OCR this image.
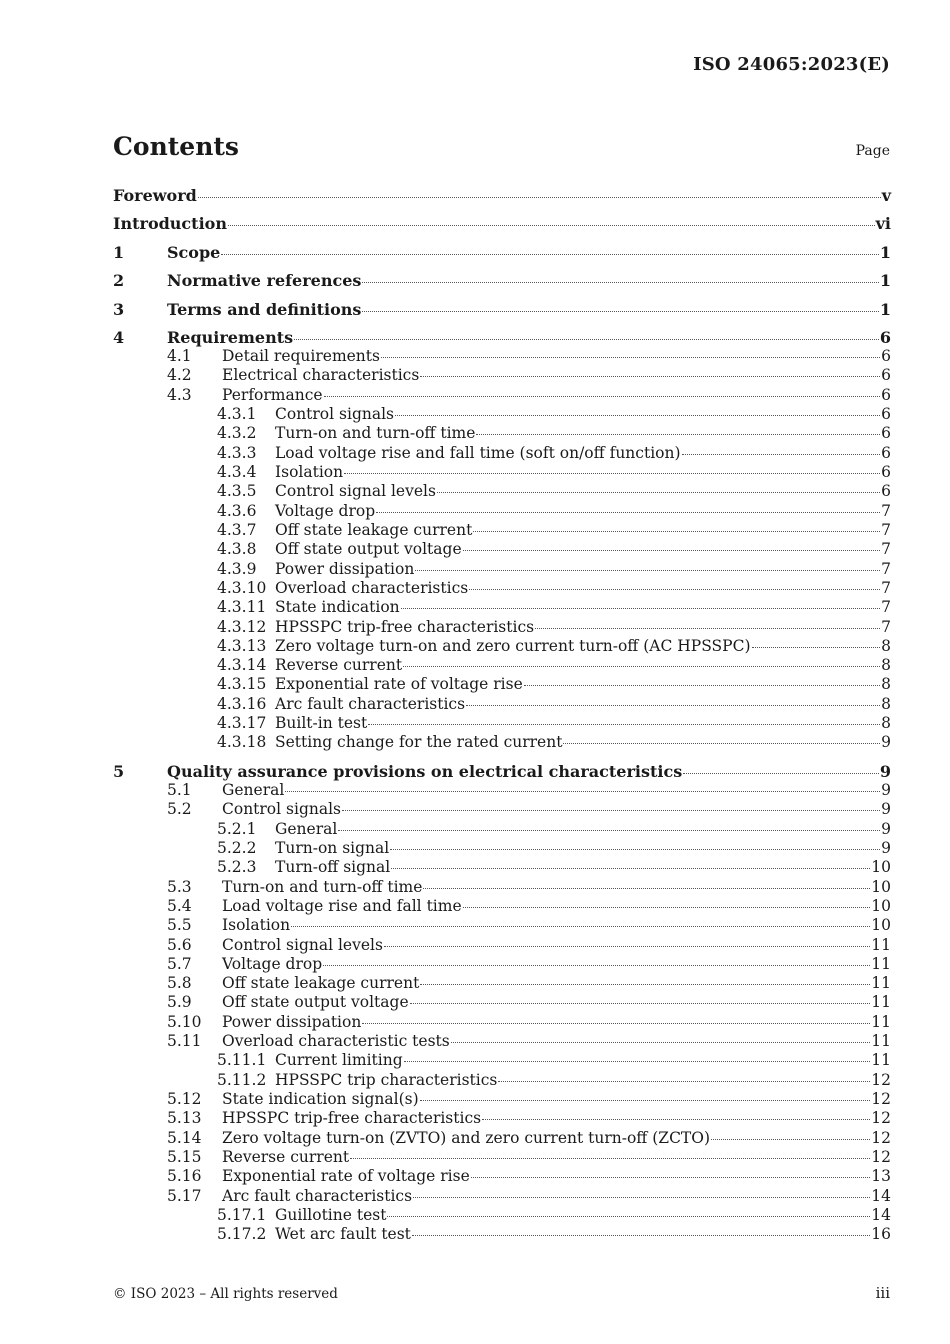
ISO 24065:2023(E)
Contents	Page
Foreword	v
Introduction	vi
1	Scope	1
2	Normative references	1
3	Terms and definitions	1
4	Requirements	6
4.1	Detail requirements	6
4.2	Electrical characteristics	6
4.3	Performance	6
4.3.1	Control signals	6
4.3.2	Turn-on and turn-off time	6
4.3.3	Load voltage rise and fall time (soft on/off function)	6
4.3.4	Isolation	6
4.3.5	Control signal levels	6
4.3.6	Voltage drop	7
4.3.7	Off state leakage current	7
4.3.8	Off state output voltage	7
4.3.9	Power dissipation	7
4.3.10 Overload characteristics	7
4.3.11 State indication	7
4.3.12 HPSSPC trip-free characteristics	7
4.3.13 Zero voltage turn-on and zero current turn-off (AC HPSSPC)	8
4.3.14 Reverse current	8
4.3.15 Exponential rate of voltage rise	8
4.3.16 Arc fault characteristics	8
4.3.17 Built-in test	8
4.3.18 Setting change for the rated current	9
5	Quality assurance provisions on electrical characteristics	9
5.1	General	9
5.2	Control signals	9
5.2.1	General	9
5.2.2	Turn-on signal	9
5.2.3	Turn-off signal	10
5.3	Turn-on and turn-off time	10
5.4	Load voltage rise and fall time	10
5.5	Isolation	10
5.6	Control signal levels	11
5.7	Voltage drop	11
5.8	Off state leakage current	11
5.9	Off state output voltage	11
5.10	Power dissipation	11
5.11	Overload characteristic tests	11
5.11.1 Current limiting	11
5.11.2 HPSSPC trip characteristics	12
5.12	State indication signal(s)	12
5.13	HPSSPC trip-free characteristics	12
5.14	Zero voltage turn-on (ZVTO) and zero current turn-off (ZCTO)	12
5.15	Reverse current	12
5.16	Exponential rate of voltage rise	13
5.17	Arc fault characteristics	14
5.17.1 Guillotine test	14
5.17.2 Wet arc fault test	16
© ISO 2023 – All rights reserved	iii
